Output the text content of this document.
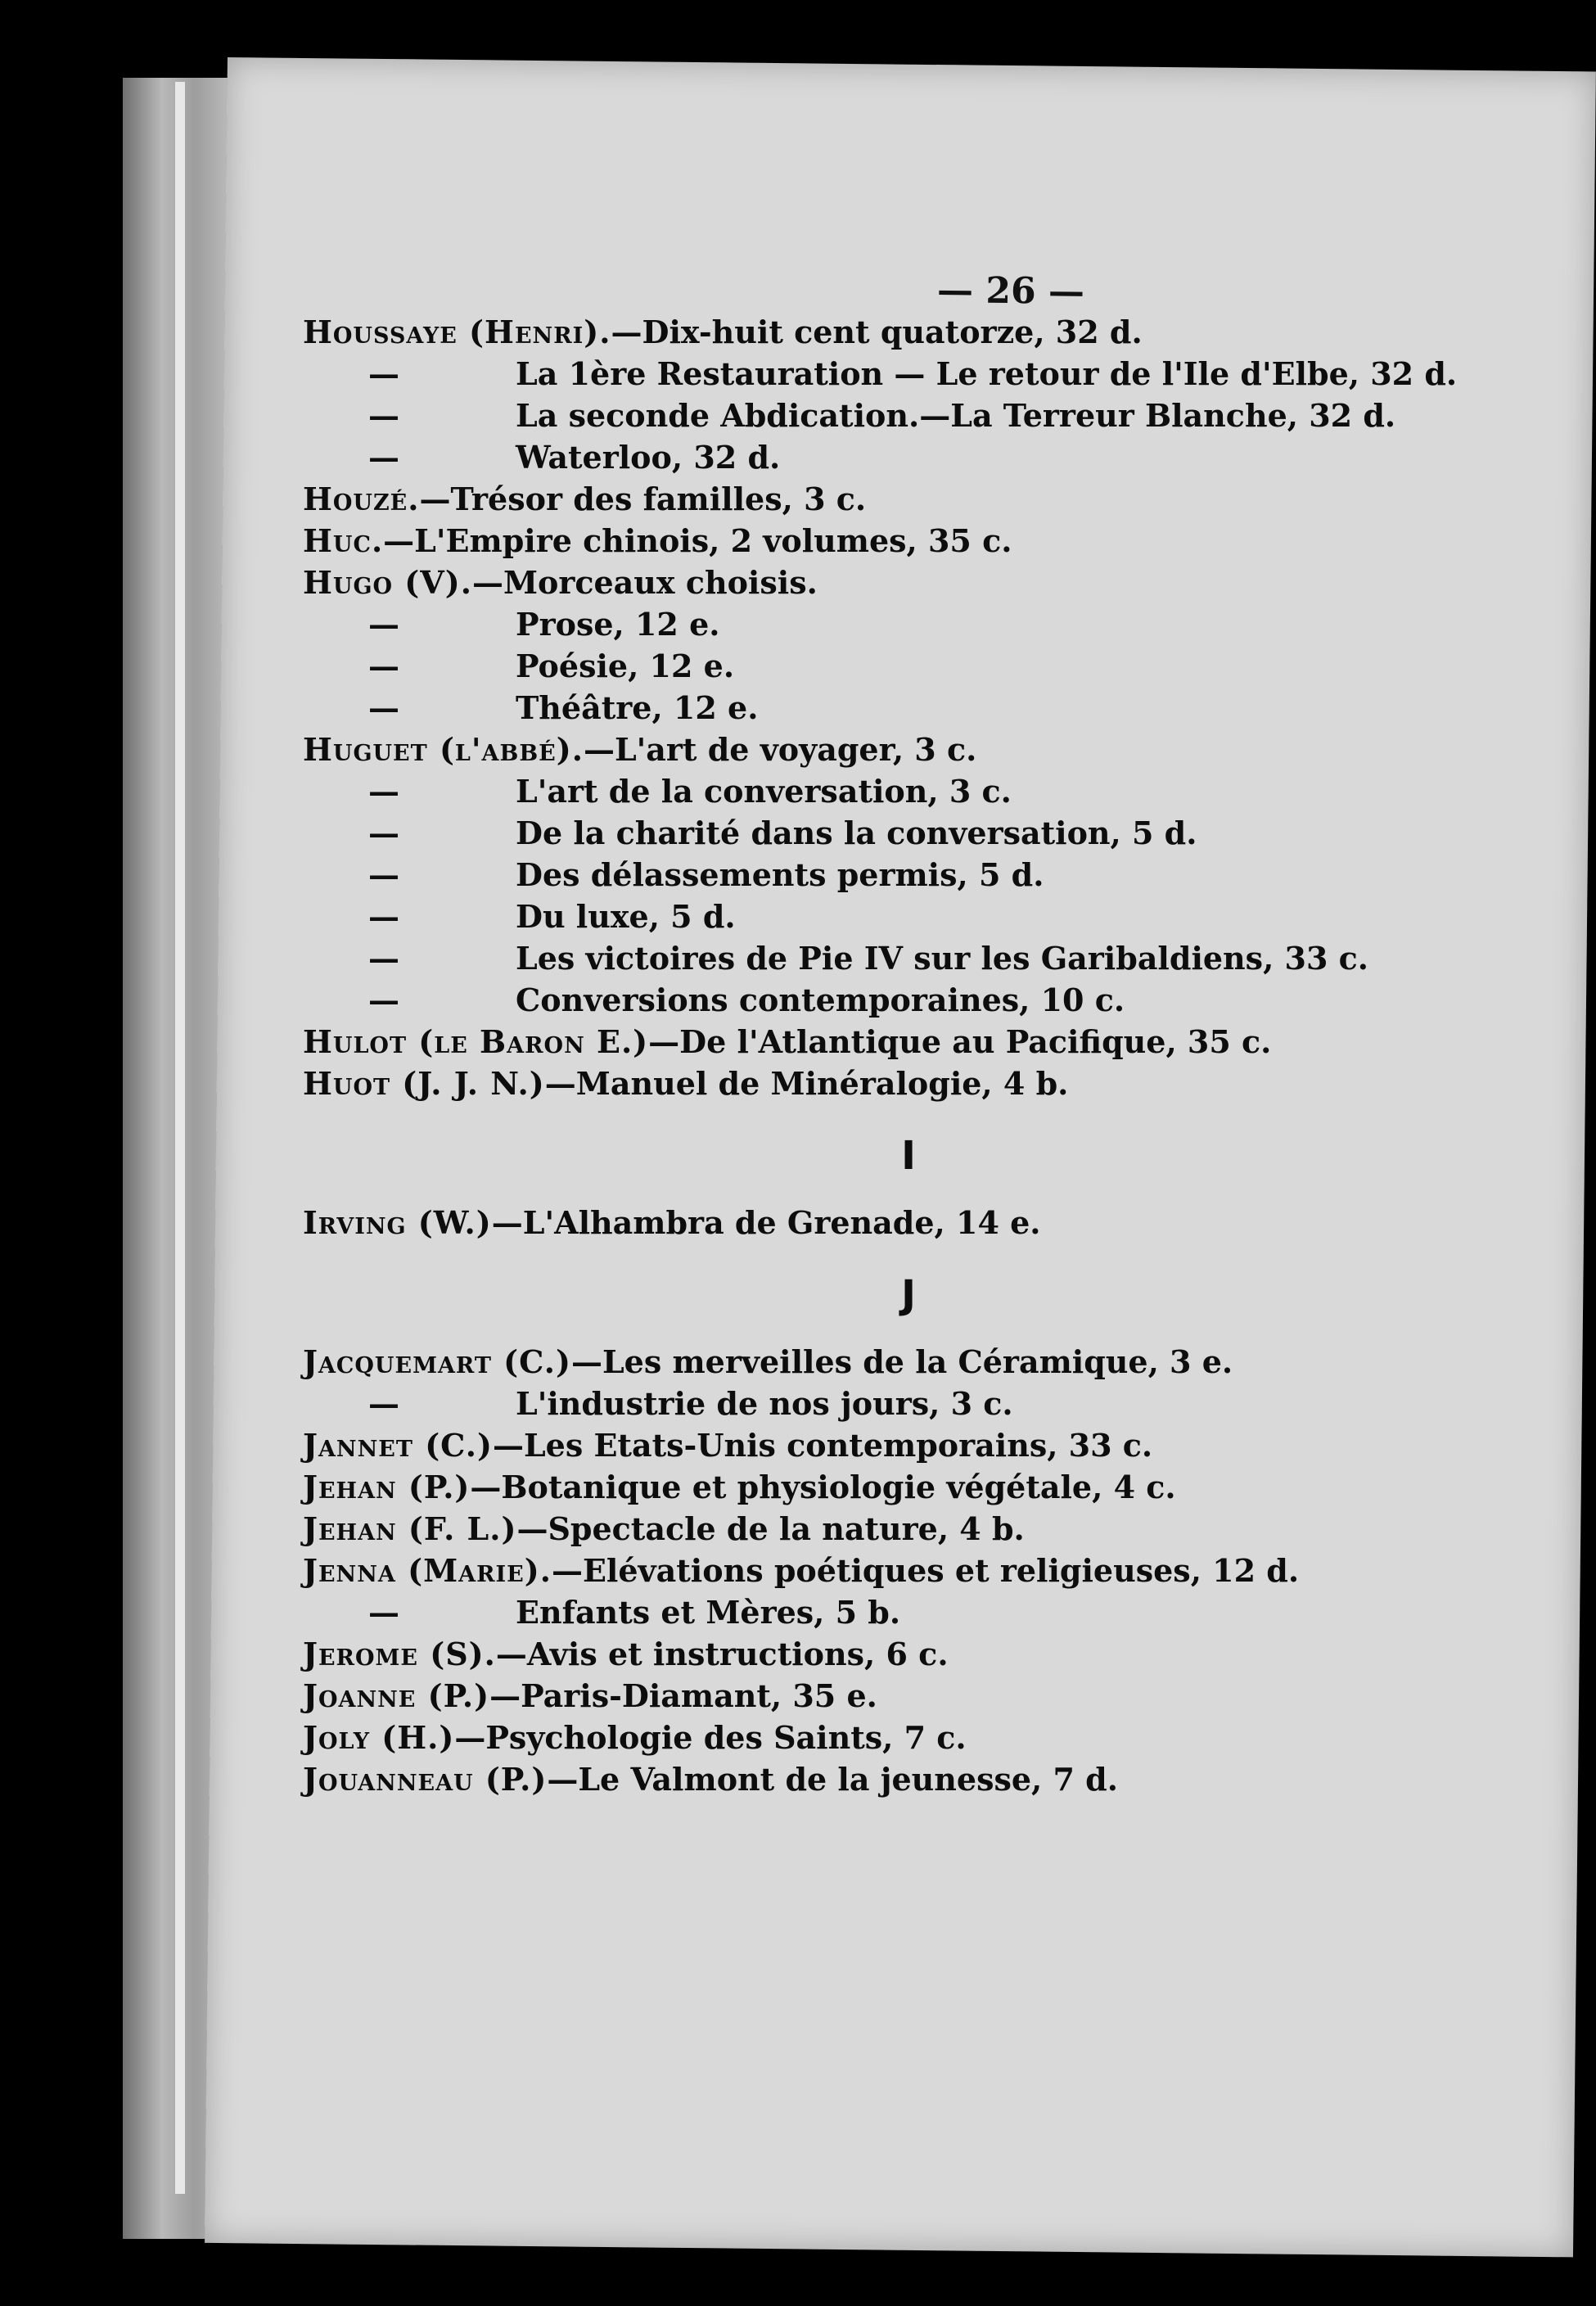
— 26 —
Houssaye (Henri).—Dix-huit cent quatorze, 32 d.
—	La 1ère Restauration — Le retour de l'Ile d'Elbe, 32 d.
—	La seconde Abdication.—La Terreur Blanche, 32 d.
—	Waterloo, 32 d.
Houzé.—Trésor des familles, 3 c.
Huc.—L'Empire chinois, 2 volumes, 35 c.
Hugo (V).—Morceaux choisis.
—	Prose, 12 e.
—	Poésie, 12 e.
—	Théâtre, 12 e.
Huguet (l'abbé).—L'art de voyager, 3 c.
—	L'art de la conversation, 3 c.
—	De la charité dans la conversation, 5 d.
—	Des délassements permis, 5 d.
—	Du luxe, 5 d.
—	Les victoires de Pie IV sur les Garibaldiens, 33 c.
—	Conversions contemporaines, 10 c.
Hulot (le Baron E.)—De l'Atlantique au Pacifique, 35 c.
Huot (J. J. N.)—Manuel de Minéralogie, 4 b.
I
Irving (W.)—L'Alhambra de Grenade, 14 e.
J
Jacquemart (C.)—Les merveilles de la Céramique, 3 e.
—	L'industrie de nos jours, 3 c.
Jannet (C.)—Les Etats-Unis contemporains, 33 c.
Jehan (P.)—Botanique et physiologie végétale, 4 c.
Jehan (F. L.)—Spectacle de la nature, 4 b.
Jenna (Marie).—Elévations poétiques et religieuses, 12 d.
—	Enfants et Mères, 5 b.
Jerome (S).—Avis et instructions, 6 c.
Joanne (P.)—Paris-Diamant, 35 e.
Joly (H.)—Psychologie des Saints, 7 c.
Jouanneau (P.)—Le Valmont de la jeunesse, 7 d.
